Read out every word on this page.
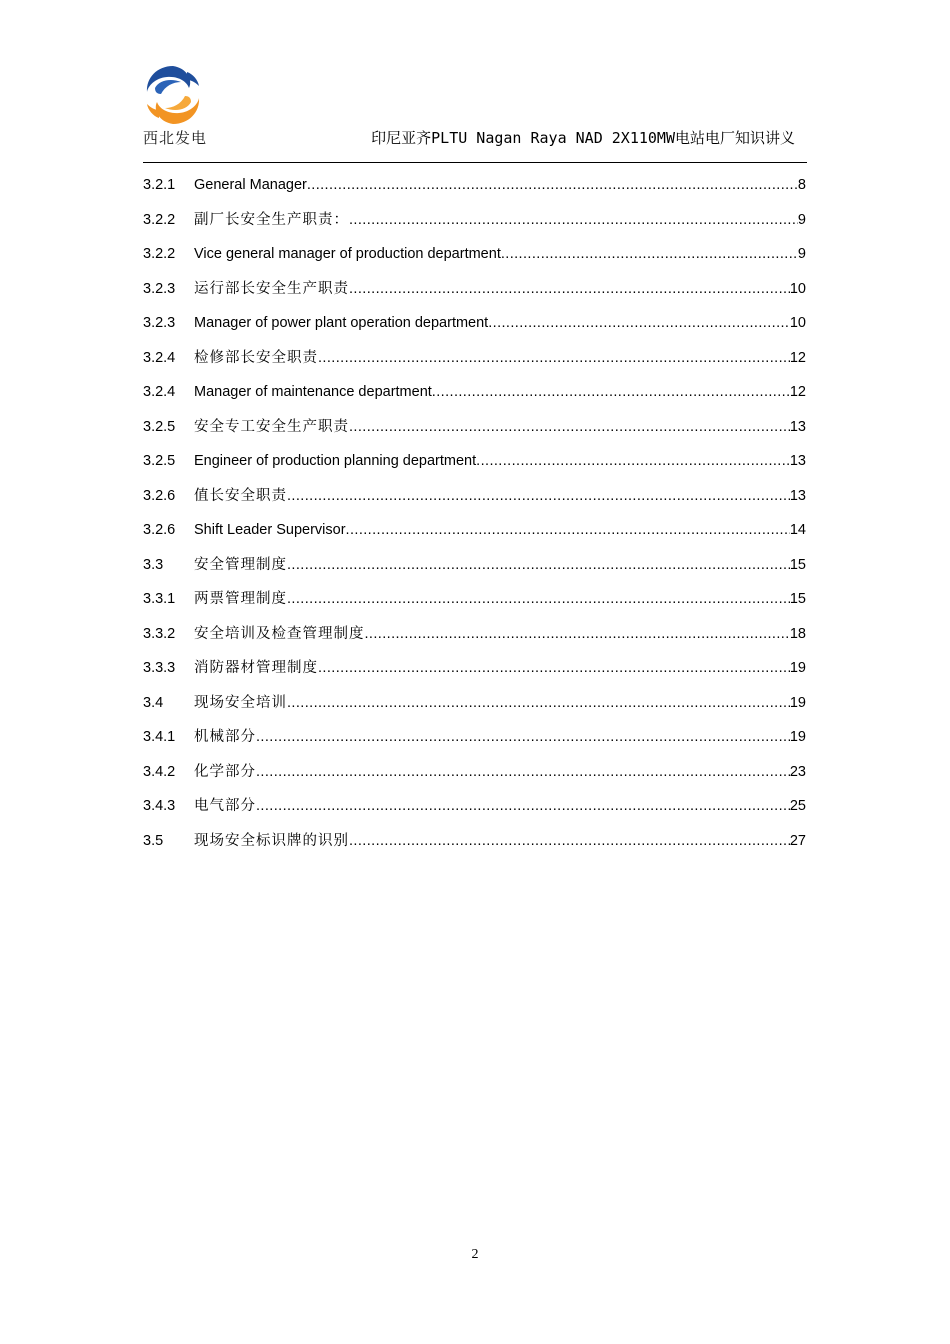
西北发电	印尼亚齐PLTU Nagan Raya NAD 2X110MW电站电厂知识讲义
3.2.1	General Manager .....	8
3.2.2	副厂长安全生产职责： .....	9
3.2.2	Vice general manager of production department .....	9
3.2.3	运行部长安全生产职责 .....	10
3.2.3	Manager of power plant operation department .....	10
3.2.4	检修部长安全职责 .....	12
3.2.4	Manager of maintenance department .....	12
3.2.5	安全专工安全生产职责 .....	13
3.2.5	Engineer of production planning department .....	13
3.2.6	值长安全职责 .....	13
3.2.6	Shift Leader Supervisor .....	14
3.3	安全管理制度 .....	15
3.3.1	两票管理制度 .....	15
3.3.2	安全培训及检查管理制度 .....	18
3.3.3	消防器材管理制度 .....	19
3.4	现场安全培训 .....	19
3.4.1	机械部分 .....	19
3.4.2	化学部分 .....	23
3.4.3	电气部分 .....	25
3.5	现场安全标识牌的识别 .....	27
2
